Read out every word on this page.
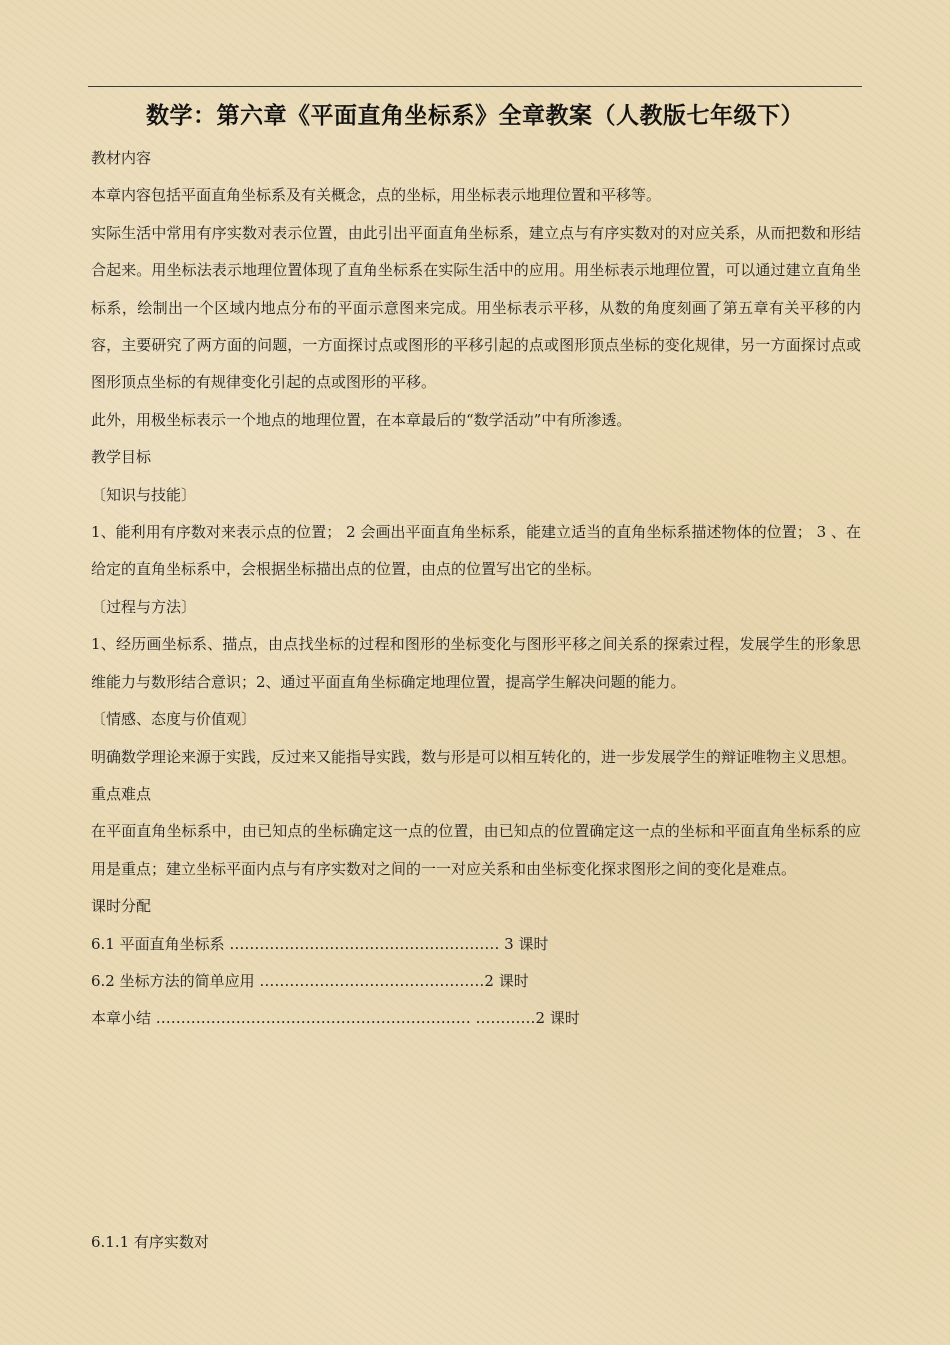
数学：第六章《平面直角坐标系》全章教案（人教版七年级下）

教材内容

本章内容包括平面直角坐标系及有关概念，点的坐标，用坐标表示地理位置和平移等。

实际生活中常用有序实数对表示位置，由此引出平面直角坐标系，建立点与有序实数对的对应关系，从而把数和形结合起来。用坐标法表示地理位置体现了直角坐标系在实际生活中的应用。用坐标表示地理位置，可以通过建立直角坐标系，绘制出一个区域内地点分布的平面示意图来完成。用坐标表示平移，从数的角度刻画了第五章有关平移的内容，主要研究了两方面的问题，一方面探讨点或图形的平移引起的点或图形顶点坐标的变化规律，另一方面探讨点或图形顶点坐标的有规律变化引起的点或图形的平移。

此外，用极坐标表示一个地点的地理位置，在本章最后的“数学活动”中有所渗透。

教学目标

〔知识与技能〕

1、能利用有序数对来表示点的位置； 2 会画出平面直角坐标系，能建立适当的直角坐标系描述物体的位置； 3 、在给定的直角坐标系中，会根据坐标描出点的位置，由点的位置写出它的坐标。

〔过程与方法〕

1、经历画坐标系、描点，由点找坐标的过程和图形的坐标变化与图形平移之间关系的探索过程，发展学生的形象思维能力与数形结合意识；2、通过平面直角坐标确定地理位置，提高学生解决问题的能力。

〔情感、态度与价值观〕

明确数学理论来源于实践，反过来又能指导实践，数与形是可以相互转化的，进一步发展学生的辩证唯物主义思想。

重点难点

在平面直角坐标系中，由已知点的坐标确定这一点的位置，由已知点的位置确定这一点的坐标和平面直角坐标系的应用是重点；建立坐标平面内点与有序实数对之间的一一对应关系和由坐标变化探求图形之间的变化是难点。

课时分配

6.1 平面直角坐标系 ……………………………………………… 3 课时

6.2 坐标方法的简单应用 ………………………………………2 课时

本章小结 ……………………………………………………… …………2 课时

6.1.1 有序实数对
